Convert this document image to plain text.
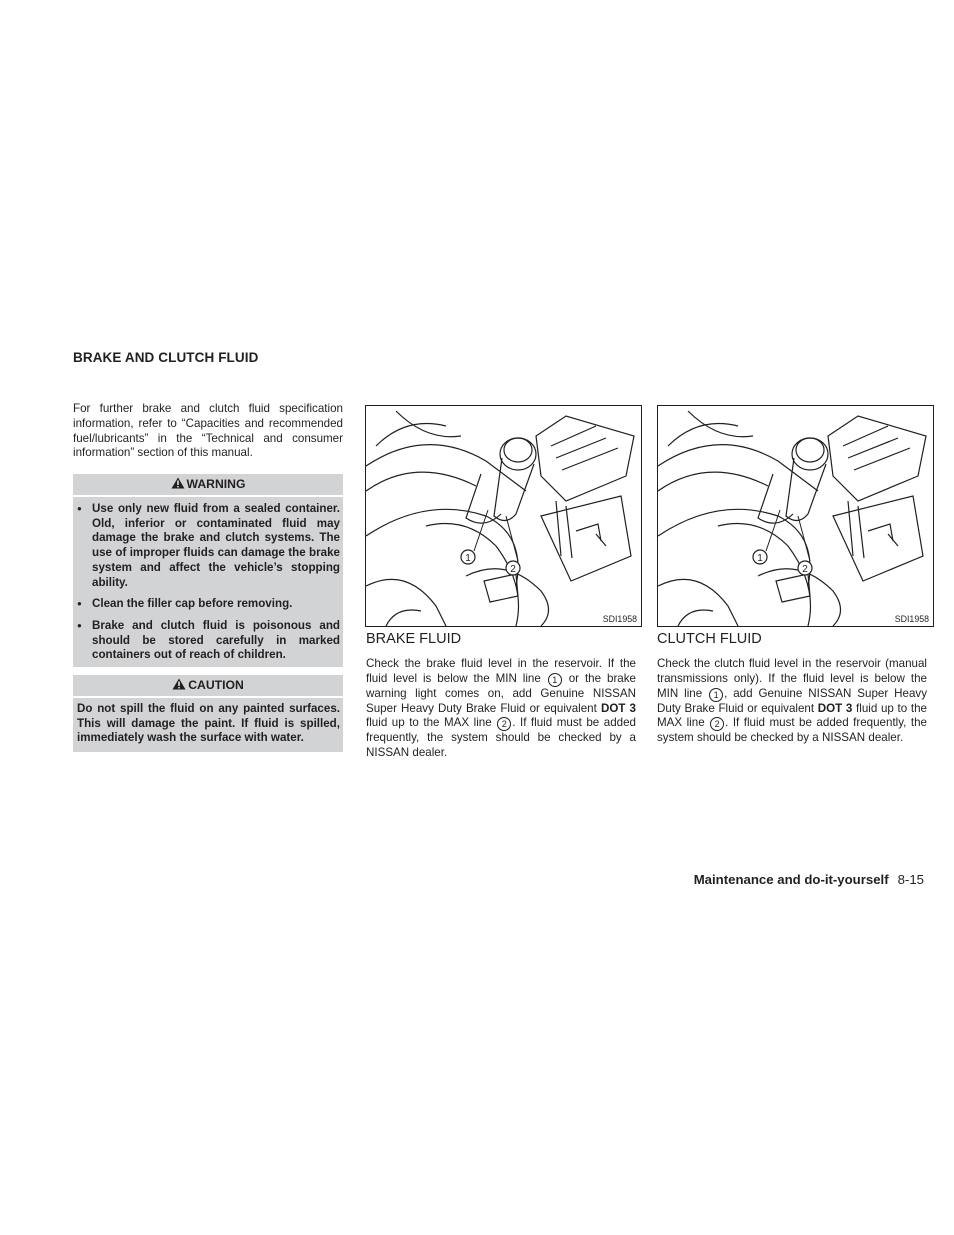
BRAKE AND CLUTCH FLUID
For further brake and clutch fluid specification information, refer to “Capacities and recommended fuel/lubricants” in the “Technical and consumer information” section of this manual.
WARNING
● Use only new fluid from a sealed container. Old, inferior or contaminated fluid may damage the brake and clutch systems. The use of improper fluids can damage the brake system and affect the vehicle’s stopping ability.
● Clean the filler cap before removing.
● Brake and clutch fluid is poisonous and should be stored carefully in marked containers out of reach of children.
CAUTION
Do not spill the fluid on any painted surfaces. This will damage the paint. If fluid is spilled, immediately wash the surface with water.
1
2
SDI1958
1
2
SDI1958
BRAKE FLUID
Check the brake fluid level in the reservoir. If the fluid level is below the MIN line 1 or the brake warning light comes on, add Genuine NISSAN Super Heavy Duty Brake Fluid or equivalent DOT 3 fluid up to the MAX line 2 . If fluid must be added frequently, the system should be checked by a NISSAN dealer.
CLUTCH FLUID
Check the clutch fluid level in the reservoir (manual transmissions only). If the fluid level is below the MIN line 1 , add Genuine NISSAN Super Heavy Duty Brake Fluid or equivalent DOT 3 fluid up to the MAX line 2 . If fluid must be added frequently, the system should be checked by a NISSAN dealer.
Maintenance and do-it-yourself 8-15
